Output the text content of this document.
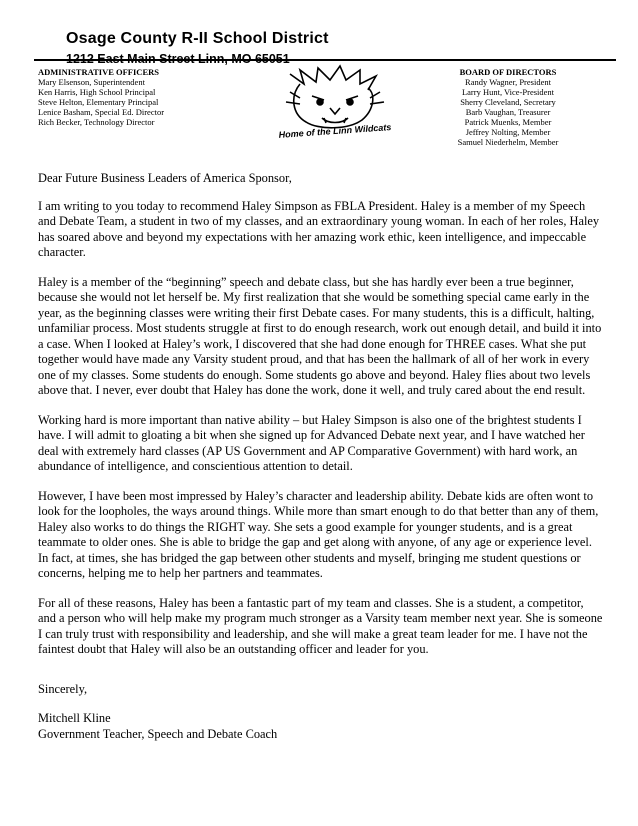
Osage County R-II School District
1212 East Main Street Linn, MO 65051
ADMINISTRATIVE OFFICERS
Mary Elsenson, Superintendent
Ken Harris, High School Principal
Steve Helton, Elementary Principal
Lenice Basham, Special Ed. Director
Rich Becker, Technology Director
Home of the Linn Wildcats
BOARD OF DIRECTORS
Randy Wagner, President
Larry Hunt, Vice-President
Sherry Cleveland, Secretary
Barb Vaughan, Treasurer
Patrick Muenks, Member
Jeffrey Nolting, Member
Samuel Niederhelm, Member

Dear Future Business Leaders of America Sponsor,

I am writing to you today to recommend Haley Simpson as FBLA President. Haley is a member of my Speech and Debate Team, a student in two of my classes, and an extraordinary young woman. In each of her roles, Haley has soared above and beyond my expectations with her amazing work ethic, keen intelligence, and impeccable character.

Haley is a member of the “beginning” speech and debate class, but she has hardly ever been a true beginner, because she would not let herself be. My first realization that she would be something special came early in the year, as the beginning classes were writing their first Debate cases. For many students, this is a difficult, halting, unfamiliar process. Most students struggle at first to do enough research, work out enough detail, and build it into a case. When I looked at Haley’s work, I discovered that she had done enough for THREE cases. What she put together would have made any Varsity student proud, and that has been the hallmark of all of her work in every one of my classes. Some students do enough. Some students go above and beyond. Haley flies about two levels above that. I never, ever doubt that Haley has done the work, done it well, and truly cared about the end result.

Working hard is more important than native ability – but Haley Simpson is also one of the brightest students I have. I will admit to gloating a bit when she signed up for Advanced Debate next year, and I have watched her deal with extremely hard classes (AP US Government and AP Comparative Government) with hard work, an abundance of intelligence, and conscientious attention to detail.

However, I have been most impressed by Haley’s character and leadership ability. Debate kids are often wont to look for the loopholes, the ways around things. While more than smart enough to do that better than any of them, Haley also works to do things the RIGHT way. She sets a good example for younger students, and is a great teammate to older ones. She is able to bridge the gap and get along with anyone, of any age or experience level. In fact, at times, she has bridged the gap between other students and myself, bringing me student questions or concerns, helping me to help her partners and teammates.

For all of these reasons, Haley has been a fantastic part of my team and classes. She is a student, a competitor, and a person who will help make my program much stronger as a Varsity team member next year. She is someone I can truly trust with responsibility and leadership, and she will make a great team leader for me. I have not the faintest doubt that Haley will also be an outstanding officer and leader for you.

Sincerely,
Mitchell Kline
Government Teacher, Speech and Debate Coach
